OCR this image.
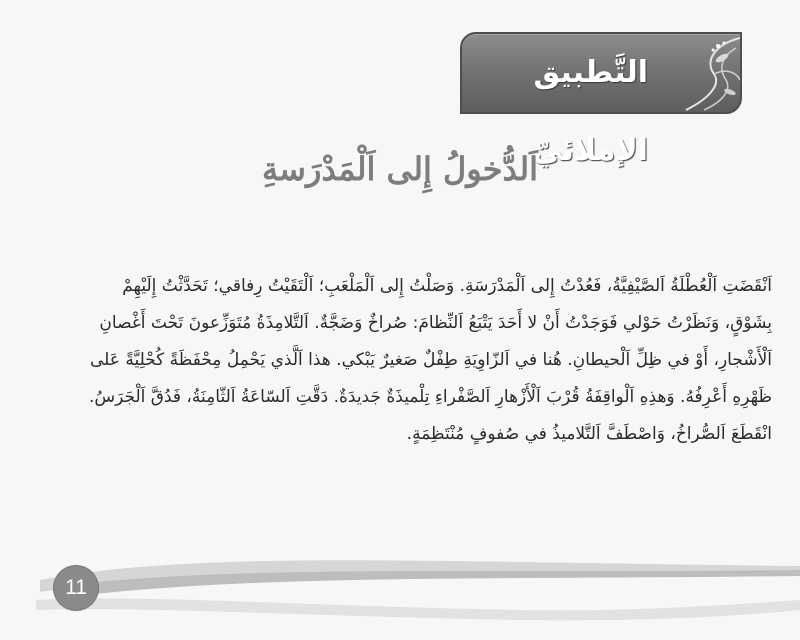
التَّطبيق الإملائيّ
اَلدُّخولُ إِلى اَلْمَدْرَسةِ
اَنْقَضَتِ اَلْعُطْلَةُ اَلصَّيْفِيَّةُ، فَعُدْتُ إِلى اَلْمَدْرَسَةِ. وَصَلْتُ إِلى اَلْمَلْعَبِ؛ اَلْتَقَيْتُ رِفاقي؛ تَحَدَّثْتُ إِلَيْهِمْ
بِشَوْقٍ، وَنَظَرْتُ حَوْلي فَوَجَدْتُ أَنْ لا أَحَدَ يَتْبَعُ اَلنِّظامَ: صُراخٌ وَضَجَّةٌ. اَلتَّلامِذَةُ مُتَوَزِّعونَ تَحْتَ أَغْصانِ
اَلْأَشْجارِ، أَوْ في ظِلِّ اَلْحيطانِ. هُنا في اَلزّاوِيَةِ طِفْلٌ صَغيرٌ يَبْكي. هذا اَلَّذي يَحْمِلُ مِحْفَظَةً كُحْلِيَّةً عَلى
ظَهْرِهِ أَعْرِفُهُ. وَهذِهِ اَلْواقِفَةُ قُرْبَ اَلْأَزْهارِ اَلصَّفْراءِ تِلْميذَةٌ جَديدَةٌ. دَقَّتِ اَلسّاعَةُ اَلثّامِنَةُ، فَدُقَّ اَلْجَرَسُ.
انْقَطَعَ اَلصُّراخُ، وَاصْطَفَّ اَلتَّلاميذُ في صُفوفٍ مُنْتَظِمَةٍ.
11
